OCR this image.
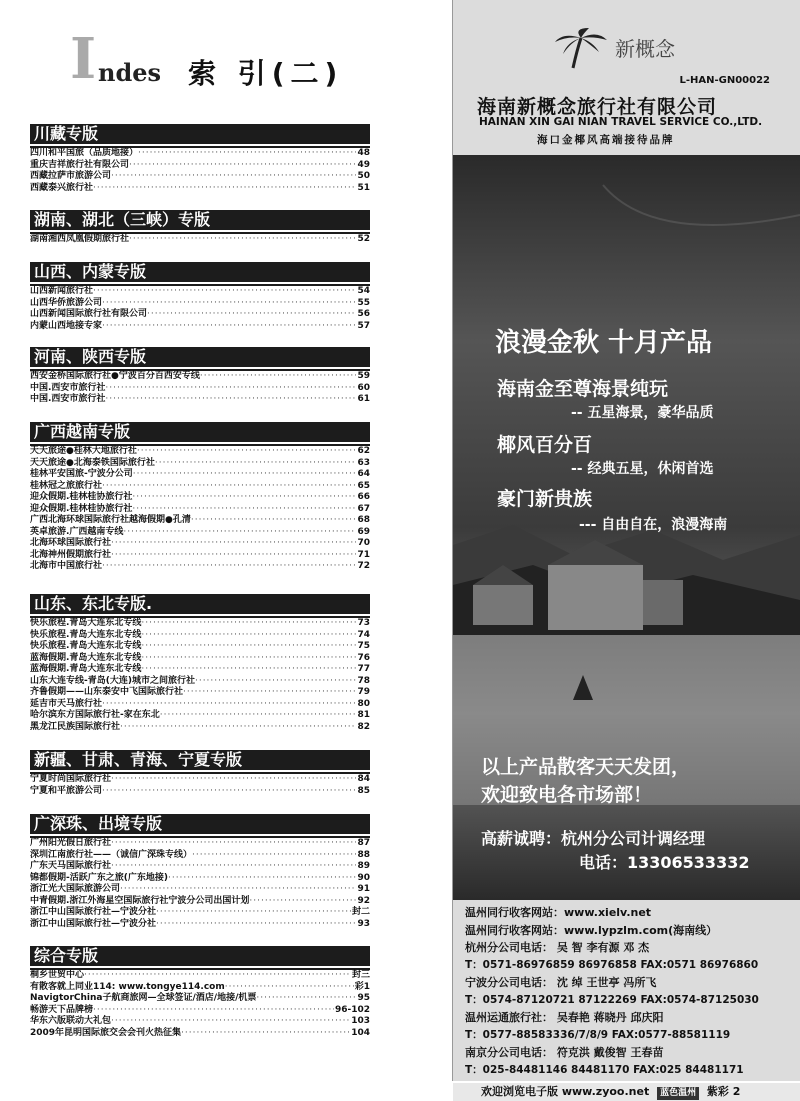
I ndes 索 引(二)
川藏专版
四川和平国旅（品质地接） ·····	48
重庆吉祥旅行社有限公司 ·····	49
西藏拉萨市旅游公司 ·····	50
西藏泰兴旅行社 ·····	51
湖南、湖北（三峡）专版
湖南湘西凤凰假期旅行社 ·····	52
山西、内蒙专版
山西新闻旅行社 ·····	54
山西华侨旅游公司 ·····	55
山西新闻国际旅行社有限公司 ·····	56
内蒙山西地接专家 ·····	57
河南、陕西专版
西安金桥国际旅行社●宁波百分百西安专线 ·····	59
中国.西安市旅行社 ·····	60
中国.西安市旅行社 ·····	61
广西越南专版
天天旅途●桂林大地旅行社 ·····	62
天天旅途●北海泰铁国际旅行社 ·····	63
桂林平安国旅-宁波分公司 ·····	64
桂林冠之旅旅行社 ·····	65
迎众假期.桂林桂协旅行社 ·····	66
迎众假期.桂林桂协旅行社 ·····	67
广西北海环球国际旅行社越海假期●孔清 ·····	68
英卓旅游.广西越南专线 ·····	69
北海环球国际旅行社 ·····	70
北海神州假期旅行社 ·····	71
北海市中国旅行社 ·····	72
山东、东北专版.
快乐旅程.青岛大连东北专线 ·····	73
快乐旅程.青岛大连东北专线 ·····	74
快乐旅程.青岛大连东北专线 ·····	75
蓝海假期.青岛大连东北专线 ·····	76
蓝海假期.青岛大连东北专线 ·····	77
山东大连专线-青岛(大连)城市之间旅行社 ·····	78
齐鲁假期——山东泰安中飞国际旅行社 ·····	79
延吉市天马旅行社 ·····	80
哈尔滨东方国际旅行社-家在东北 ·····	81
黑龙江民族国际旅行社 ·····	82
新疆、甘肃、青海、宁夏专版
宁夏时尚国际旅行社 ·····	84
宁夏和平旅游公司 ·····	85
广深珠、出境专版
广州阳光假日旅行社 ·····	87
深圳江南旅行社——（诚信广深珠专线） ·····	88
广东天马国际旅行社 ·····	89
锦都假期-活跃广东之旅(广东地接) ·····	90
浙江光大国际旅游公司 ·····	91
中青假期.浙江外海星空国际旅行社宁波分公司出国计划 ·····	92
浙江中山国际旅行社—宁波分社 ·····	封二
浙江中山国际旅行社—宁波分社 ·····	93
综合专版
桐乡世贸中心 ·····	封三
有散客就上同业114: www.tongye114.com ·····	彩1
NavigtorChina子航商旅网—全球签证/酒店/地接/机票 ·····	95
畅游天下品牌榜 ·····	96-102
华东六版联动大礼包 ·····	103
2009年昆明国际旅交会会刊火热征集 ·····	104
新概念
L-HAN-GN00022
海南新概念旅行社有限公司
HAINAN XIN GAI NIAN TRAVEL SERVICE CO.,LTD.
海口金椰风高端接待品牌
浪漫金秋 十月产品
海南金至尊海景纯玩
-- 五星海景，豪华品质
椰风百分百
-- 经典五星，休闲首选
豪门新贵族
--- 自由自在，浪漫海南
以上产品散客天天发团，
欢迎致电各市场部！
高薪诚聘：杭州分公司计调经理
电话：13306533332
温州同行收客网站：www.xielv.net
温州同行收客网站：www.lypzlm.com(海南线）
杭州分公司电话： 吴 智 李有源 邓 杰
T：0571-86976859 86976858 FAX:0571 86976860
宁波分公司电话： 沈 绰 王世亭 冯所飞
T：0574-87120721 87122269 FAX:0574-87125030
温州运通旅行社： 吴春艳 蒋晓丹 邱庆阳
T：0577-88583336/7/8/9 FAX:0577-88581119
南京分公司电话： 符克洪 戴俊智 王春苗
T：025-84481146 84481170 FAX:025 84481171
欢迎浏览电子版 www.zyoo.net 蓝色温州 紫彩 2
